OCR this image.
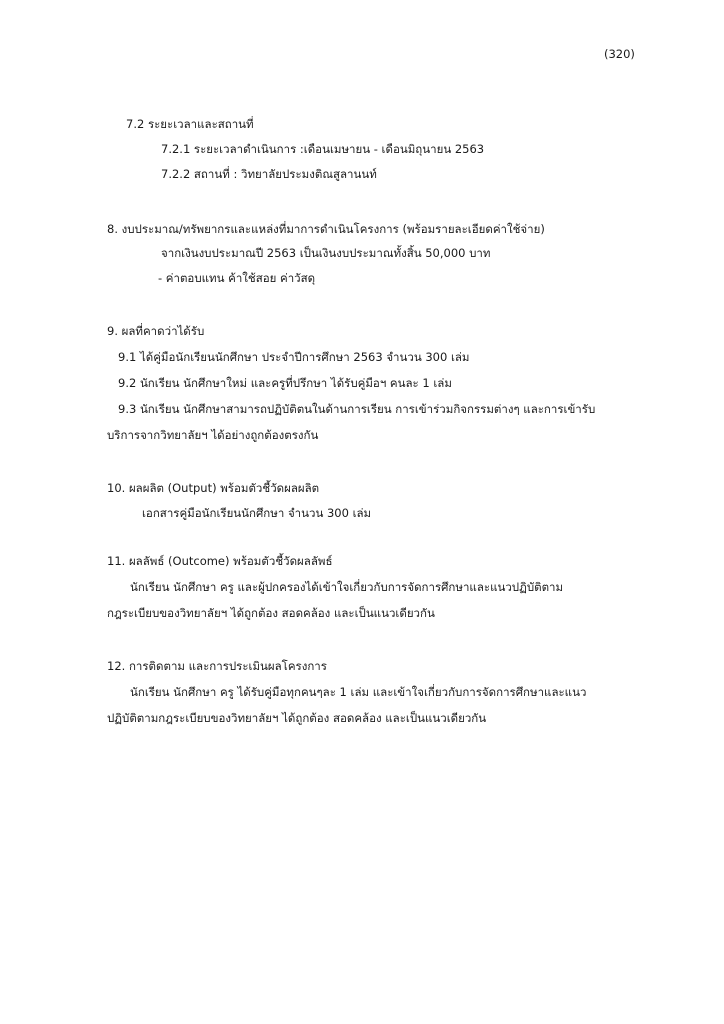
(320)
7.2 ระยะเวลาและสถานที่
7.2.1 ระยะเวลาดำเนินการ :เดือนเมษายน - เดือนมิถุนายน 2563
7.2.2 สถานที่ : วิทยาลัยประมงติณสูลานนท์
8. งบประมาณ/ทรัพยากรและแหล่งที่มาการดำเนินโครงการ (พร้อมรายละเอียดค่าใช้จ่าย)
จากเงินงบประมาณปี 2563 เป็นเงินงบประมาณทั้งสิ้น 50,000 บาท
- ค่าตอบแทน ค้าใช้สอย ค่าวัสดุ
9. ผลที่คาดว่าได้รับ
9.1 ได้คู่มือนักเรียนนักศึกษา ประจำปีการศึกษา 2563 จำนวน 300 เล่ม
9.2 นักเรียน นักศึกษาใหม่ และครูที่ปรึกษา ได้รับคู่มือฯ คนละ 1 เล่ม
9.3 นักเรียน นักศึกษาสามารถปฏิบัติตนในด้านการเรียน การเข้าร่วมกิจกรรมต่างๆ และการเข้ารับ
บริการจากวิทยาลัยฯ ได้อย่างถูกต้องตรงกัน
10. ผลผลิต (Output) พร้อมตัวชี้วัดผลผลิต
เอกสารคู่มือนักเรียนนักศึกษา จำนวน 300 เล่ม
11. ผลลัพธ์ (Outcome) พร้อมตัวชี้วัดผลลัพธ์
นักเรียน นักศึกษา ครู และผู้ปกครองได้เข้าใจเกี่ยวกับการจัดการศึกษาและแนวปฏิบัติตาม
กฎระเบียบของวิทยาลัยฯ ได้ถูกต้อง สอดคล้อง และเป็นแนวเดียวกัน
12. การติดตาม และการประเมินผลโครงการ
นักเรียน นักศึกษา ครู ได้รับคู่มือทุกคนๆละ 1 เล่ม และเข้าใจเกี่ยวกับการจัดการศึกษาและแนว
ปฏิบัติตามกฎระเบียบของวิทยาลัยฯ ได้ถูกต้อง สอดคล้อง และเป็นแนวเดียวกัน
